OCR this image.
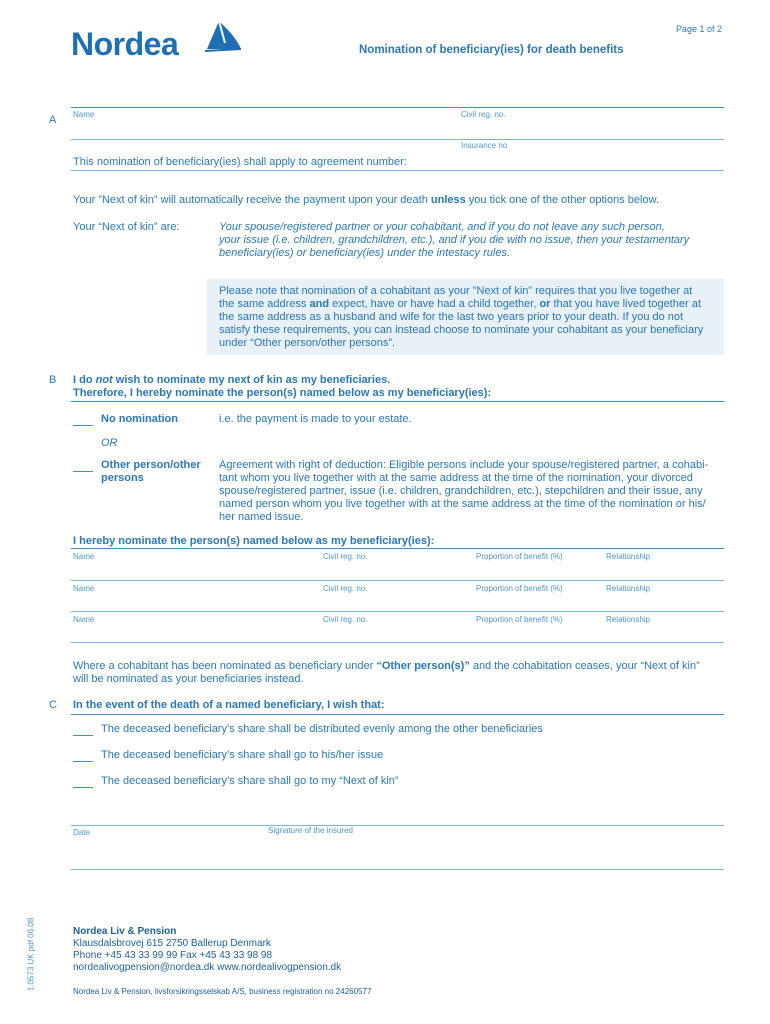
Nordea	Page 1 of 2
Nomination of beneficiary(ies) for death benefits
A Name	Civil reg. no.
Insurance no
This nomination of beneficiary(ies) shall apply to agreement number:
Your ”Next of kin” will automatically receive the payment upon your death unless you tick one of the other options below.
Your “Next of kin” are:	Your spouse/registered partner or your cohabitant, and if you do not leave any such person,
your issue (i.e. children, grandchildren, etc.), and if you die with no issue, then your testamentary
beneficiary(ies) or beneficiary(ies) under the intestacy rules.
Please note that nomination of a cohabitant as your ”Next of kin” requires that you live together at
the same address and expect, have or have had a child together, or that you have lived together at
the same address as a husband and wife for the last two years prior to your death. If you do not
satisfy these requirements, you can instead choose to nominate your cohabitant as your beneficiary
under “Other person/other persons”.
B I do not wish to nominate my next of kin as my beneficiaries.
Therefore, I hereby nominate the person(s) named below as my beneficiary(ies):
No nomination	i.e. the payment is made to your estate.
OR
Other person/other
persons
Agreement with right of deduction: Eligible persons include your spouse/registered partner, a cohabi-
tant whom you live together with at the same address at the time of the nomination, your divorced
spouse/registered partner, issue (i.e. children, grandchildren, etc.), stepchildren and their issue, any
named person whom you live together with at the same address at the time of the nomination or his/
her named issue.
I hereby nominate the person(s) named below as my beneficiary(ies):
Name	Civil reg. no.	Proportion of benefit (%)	Relationship
Name	Civil reg. no.	Proportion of benefit (%)	Relationship
Name	Civil reg. no.	Proportion of benefit (%)	Relationship
Where a cohabitant has been nominated as beneficiary under “Other person(s)” and the cohabitation ceases, your “Next of kin”
will be nominated as your beneficiaries instead.
C In the event of the death of a named beneficiary, I wish that:
The deceased beneficiary’s share shall be distributed evenly among the other beneficiaries
The deceased beneficiary’s share shall go to his/her issue
The deceased beneficiary’s share shall go to my “Next of kin”
Date	Signature of the insured
Nordea Liv & Pension
Klausdalsbrovej 615 2750 Ballerup Denmark
Phone +45 43 33 99 99 Fax +45 43 33 98 98
nordealivogpension@nordea.dk www.nordealivogpension.dk
Nordea Liv & Pension, livsforsikringsselskab A/S, business registration no 24260577
1.0573 UK pdf 06.08
